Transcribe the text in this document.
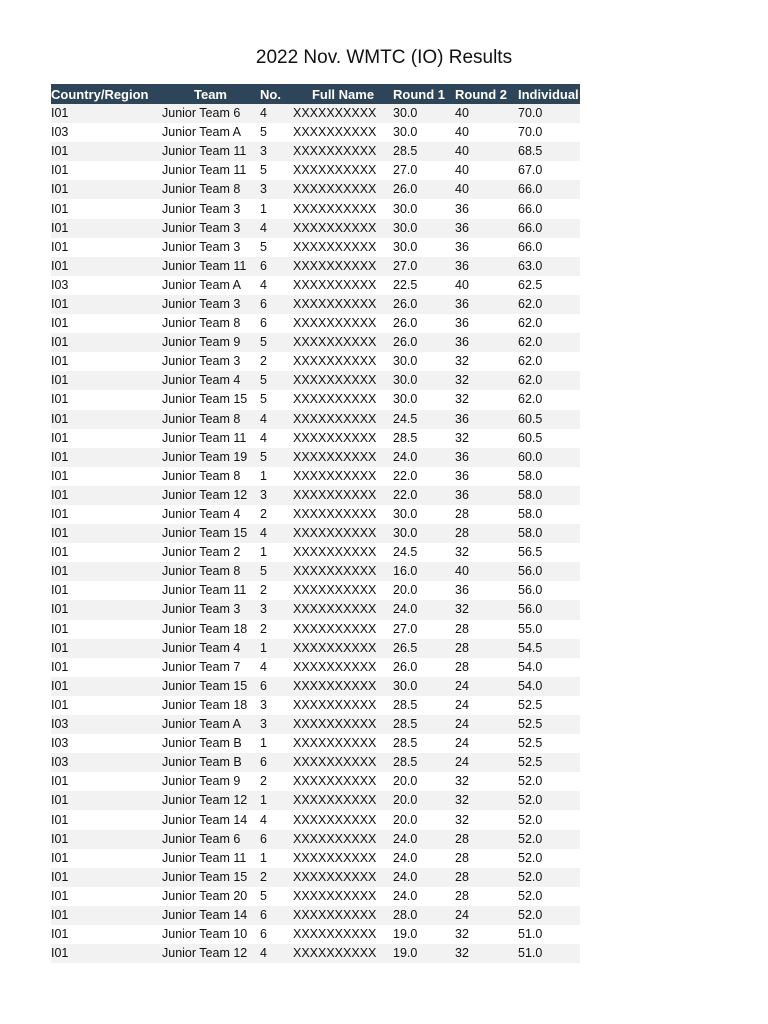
2022 Nov. WMTC (IO) Results
Country/Region	Team	No.	Full Name	Round 1	Round 2	Individual
I01	Junior Team 6	4	XXXXXXXXXX	30.0	40	70.0
I03	Junior Team A	5	XXXXXXXXXX	30.0	40	70.0
I01	Junior Team 11	3	XXXXXXXXXX	28.5	40	68.5
I01	Junior Team 11	5	XXXXXXXXXX	27.0	40	67.0
I01	Junior Team 8	3	XXXXXXXXXX	26.0	40	66.0
I01	Junior Team 3	1	XXXXXXXXXX	30.0	36	66.0
I01	Junior Team 3	4	XXXXXXXXXX	30.0	36	66.0
I01	Junior Team 3	5	XXXXXXXXXX	30.0	36	66.0
I01	Junior Team 11	6	XXXXXXXXXX	27.0	36	63.0
I03	Junior Team A	4	XXXXXXXXXX	22.5	40	62.5
I01	Junior Team 3	6	XXXXXXXXXX	26.0	36	62.0
I01	Junior Team 8	6	XXXXXXXXXX	26.0	36	62.0
I01	Junior Team 9	5	XXXXXXXXXX	26.0	36	62.0
I01	Junior Team 3	2	XXXXXXXXXX	30.0	32	62.0
I01	Junior Team 4	5	XXXXXXXXXX	30.0	32	62.0
I01	Junior Team 15	5	XXXXXXXXXX	30.0	32	62.0
I01	Junior Team 8	4	XXXXXXXXXX	24.5	36	60.5
I01	Junior Team 11	4	XXXXXXXXXX	28.5	32	60.5
I01	Junior Team 19	5	XXXXXXXXXX	24.0	36	60.0
I01	Junior Team 8	1	XXXXXXXXXX	22.0	36	58.0
I01	Junior Team 12	3	XXXXXXXXXX	22.0	36	58.0
I01	Junior Team 4	2	XXXXXXXXXX	30.0	28	58.0
I01	Junior Team 15	4	XXXXXXXXXX	30.0	28	58.0
I01	Junior Team 2	1	XXXXXXXXXX	24.5	32	56.5
I01	Junior Team 8	5	XXXXXXXXXX	16.0	40	56.0
I01	Junior Team 11	2	XXXXXXXXXX	20.0	36	56.0
I01	Junior Team 3	3	XXXXXXXXXX	24.0	32	56.0
I01	Junior Team 18	2	XXXXXXXXXX	27.0	28	55.0
I01	Junior Team 4	1	XXXXXXXXXX	26.5	28	54.5
I01	Junior Team 7	4	XXXXXXXXXX	26.0	28	54.0
I01	Junior Team 15	6	XXXXXXXXXX	30.0	24	54.0
I01	Junior Team 18	3	XXXXXXXXXX	28.5	24	52.5
I03	Junior Team A	3	XXXXXXXXXX	28.5	24	52.5
I03	Junior Team B	1	XXXXXXXXXX	28.5	24	52.5
I03	Junior Team B	6	XXXXXXXXXX	28.5	24	52.5
I01	Junior Team 9	2	XXXXXXXXXX	20.0	32	52.0
I01	Junior Team 12	1	XXXXXXXXXX	20.0	32	52.0
I01	Junior Team 14	4	XXXXXXXXXX	20.0	32	52.0
I01	Junior Team 6	6	XXXXXXXXXX	24.0	28	52.0
I01	Junior Team 11	1	XXXXXXXXXX	24.0	28	52.0
I01	Junior Team 15	2	XXXXXXXXXX	24.0	28	52.0
I01	Junior Team 20	5	XXXXXXXXXX	24.0	28	52.0
I01	Junior Team 14	6	XXXXXXXXXX	28.0	24	52.0
I01	Junior Team 10	6	XXXXXXXXXX	19.0	32	51.0
I01	Junior Team 12	4	XXXXXXXXXX	19.0	32	51.0
